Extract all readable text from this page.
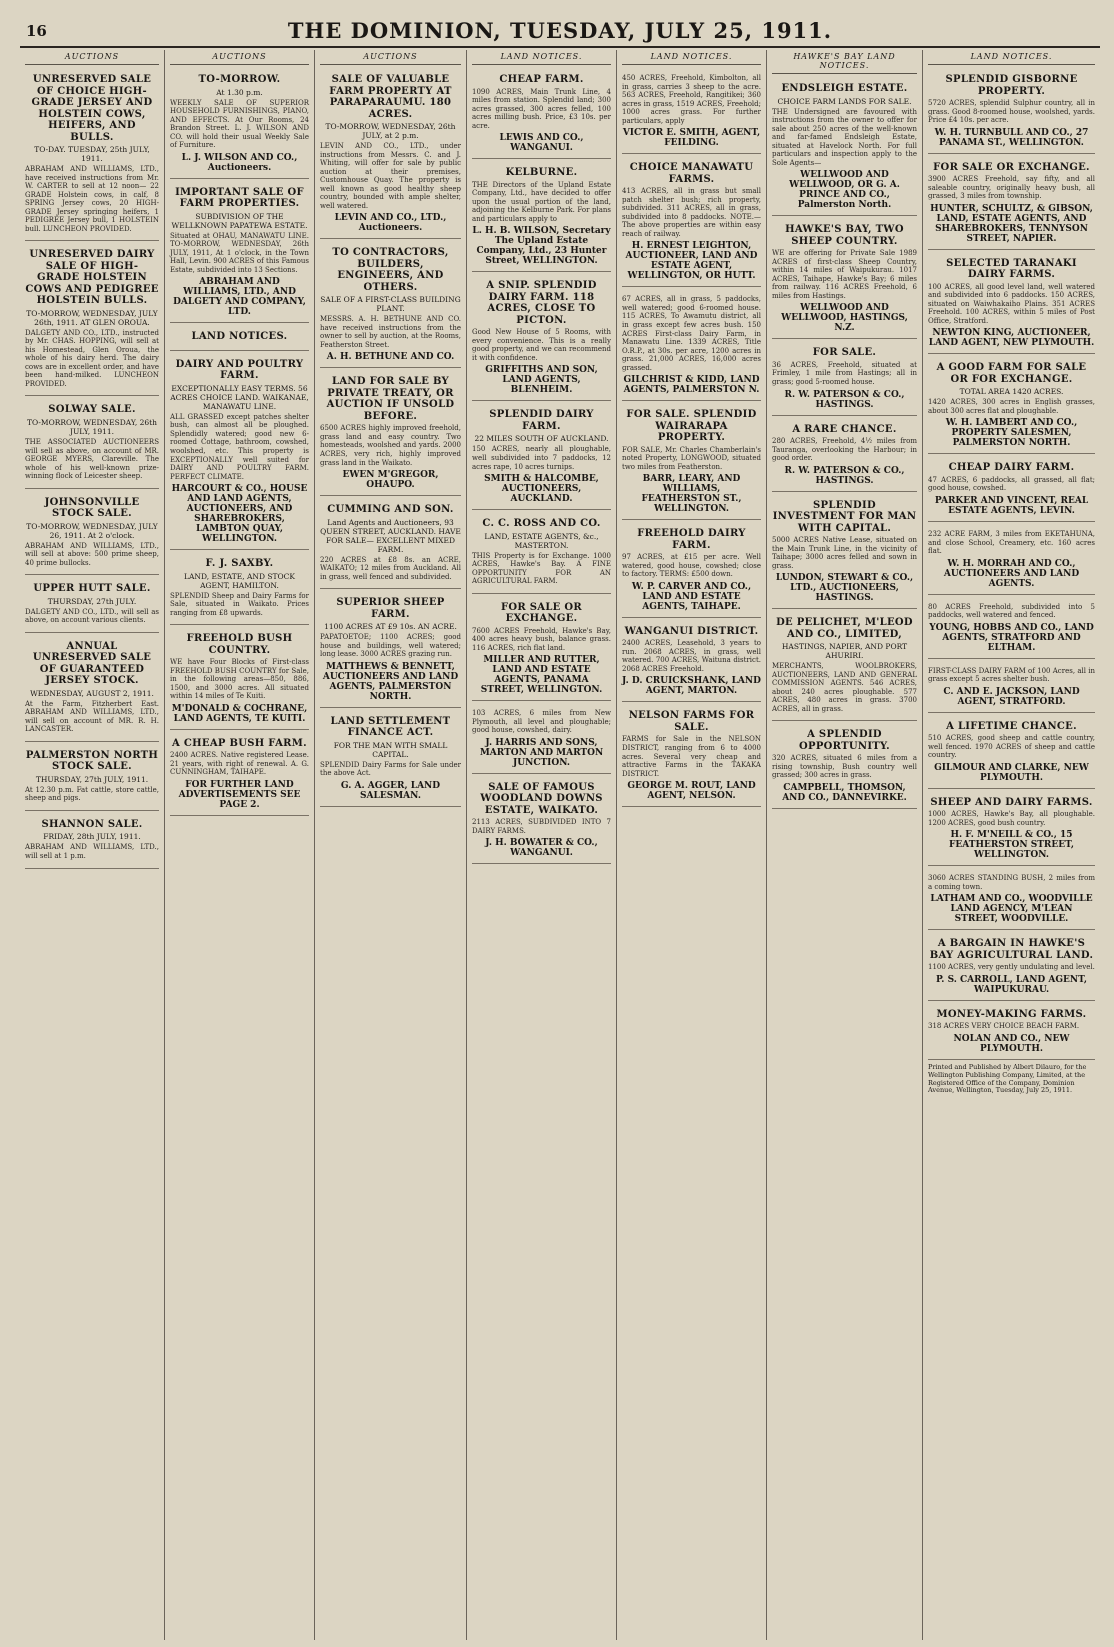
16	THE DOMINION, TUESDAY, JULY 25, 1911.
AUCTIONS
UNRESERVED SALE OF CHOICE HIGH-GRADE JERSEY AND HOLSTEIN COWS, HEIFERS, AND BULLS.
TO-DAY. TUESDAY, 25th JULY, 1911.

ABRAHAM AND WILLIAMS, LTD., have received instructions from Mr. W. CARTER to sell at 12 noon— 22 GRADE Holstein cows, in calf, 8 SPRING Jersey cows, 20 HIGH-GRADE Jersey springing heifers, 1 PEDIGREE Jersey bull, 1 HOLSTEIN bull. LUNCHEON PROVIDED.

UNRESERVED DAIRY SALE OF HIGH-GRADE HOLSTEIN COWS AND PEDIGREE HOLSTEIN BULLS.
TO-MORROW, WEDNESDAY, JULY 26th, 1911. AT GLEN OROUA.

DALGETY AND CO., LTD., instructed by Mr. CHAS. HOPPING, will sell at his Homestead, Glen Oroua, the whole of his dairy herd. The dairy cows are in excellent order, and have been hand-milked. LUNCHEON PROVIDED.

SOLWAY SALE.
TO-MORROW, WEDNESDAY, 26th JULY, 1911.

THE ASSOCIATED AUCTIONEERS will sell as above, on account of MR. GEORGE MYERS, Clareville. The whole of his well-known prize-winning flock of Leicester sheep.

JOHNSONVILLE STOCK SALE.
TO-MORROW, WEDNESDAY, JULY 26, 1911. At 2 o'clock.

ABRAHAM AND WILLIAMS, LTD., will sell at above: 500 prime sheep, 40 prime bullocks.

UPPER HUTT SALE.
THURSDAY, 27th JULY.

DALGETY AND CO., LTD., will sell as above, on account various clients.

ANNUAL UNRESERVED SALE OF GUARANTEED JERSEY STOCK.
WEDNESDAY, AUGUST 2, 1911.

At the Farm, Fitzherbert East. ABRAHAM AND WILLIAMS, LTD., will sell on account of MR. R. H. LANCASTER.

PALMERSTON NORTH STOCK SALE.
THURSDAY, 27th JULY, 1911.

At 12.30 p.m. Fat cattle, store cattle, sheep and pigs.

SHANNON SALE.
FRIDAY, 28th JULY, 1911.

ABRAHAM AND WILLIAMS, LTD., will sell at 1 p.m.

AUCTIONS
TO-MORROW.
At 1.30 p.m.

WEEKLY SALE OF SUPERIOR HOUSEHOLD FURNISHINGS, PIANO, AND EFFECTS. At Our Rooms, 24 Brandon Street. L. J. WILSON AND CO. will hold their usual Weekly Sale of Furniture.

L. J. WILSON AND CO., Auctioneers.
IMPORTANT SALE OF FARM PROPERTIES.
SUBDIVISION OF THE WELLKNOWN PAPATEWA ESTATE.

Situated at OHAU, MANAWATU LINE. TO-MORROW, WEDNESDAY, 26th JULY, 1911, At 1 o'clock, in the Town Hall, Levin. 900 ACRES of this Famous Estate, subdivided into 13 Sections.

ABRAHAM AND WILLIAMS, LTD., AND DALGETY AND COMPANY, LTD.
LAND NOTICES.
DAIRY AND POULTRY FARM.
EXCEPTIONALLY EASY TERMS. 56 ACRES CHOICE LAND. WAIKANAE, MANAWATU LINE.

ALL GRASSED except patches shelter bush, can almost all be ploughed. Splendidly watered; good new 6-roomed Cottage, bathroom, cowshed, woolshed, etc. This property is EXCEPTIONALLY well suited for DAIRY AND POULTRY FARM. PERFECT CLIMATE.

HARCOURT & CO., HOUSE AND LAND AGENTS, AUCTIONEERS, AND SHAREBROKERS, LAMBTON QUAY, WELLINGTON.
F. J. SAXBY.
LAND, ESTATE, AND STOCK AGENT, HAMILTON.

SPLENDID Sheep and Dairy Farms for Sale, situated in Waikato. Prices ranging from £8 upwards.

FREEHOLD BUSH COUNTRY.

WE have Four Blocks of First-class FREEHOLD BUSH COUNTRY for Sale, in the following areas—850, 886, 1500, and 3000 acres. All situated within 14 miles of Te Kuiti.

M'DONALD & COCHRANE, LAND AGENTS, TE KUITI.
A CHEAP BUSH FARM.

2400 ACRES. Native registered Lease. 21 years, with right of renewal. A. G. CUNNINGHAM, TAIHAPE.

FOR FURTHER LAND ADVERTISEMENTS SEE PAGE 2.
AUCTIONS
SALE OF VALUABLE FARM PROPERTY AT PARAPARAUMU. 180 ACRES.
TO-MORROW, WEDNESDAY, 26th JULY, at 2 p.m.

LEVIN AND CO., LTD., under instructions from Messrs. C. and J. Whiting, will offer for sale by public auction at their premises, Customhouse Quay. The property is well known as good healthy sheep country, bounded with ample shelter, well watered.

LEVIN AND CO., LTD., Auctioneers.
TO CONTRACTORS, BUILDERS, ENGINEERS, AND OTHERS.
SALE OF A FIRST-CLASS BUILDING PLANT.

MESSRS. A. H. BETHUNE AND CO. have received instructions from the owner to sell by auction, at the Rooms, Featherston Street.

A. H. BETHUNE AND CO.
LAND FOR SALE BY PRIVATE TREATY, OR AUCTION IF UNSOLD BEFORE.

6500 ACRES highly improved freehold, grass land and easy country. Two homesteads, woolshed and yards. 2000 ACRES, very rich, highly improved grass land in the Waikato.

EWEN M'GREGOR, OHAUPO.
CUMMING AND SON.
Land Agents and Auctioneers, 93 QUEEN STREET, AUCKLAND. HAVE FOR SALE— EXCELLENT MIXED FARM.

220 ACRES at £8 8s. an ACRE, WAIKATO; 12 miles from Auckland. All in grass, well fenced and subdivided.

SUPERIOR SHEEP FARM.
1100 ACRES AT £9 10s. AN ACRE.

PAPATOETOE; 1100 ACRES; good house and buildings, well watered; long lease. 3000 ACRES grazing run.

MATTHEWS & BENNETT, AUCTIONEERS AND LAND AGENTS, PALMERSTON NORTH.
LAND SETTLEMENT FINANCE ACT.
FOR THE MAN WITH SMALL CAPITAL.

SPLENDID Dairy Farms for Sale under the above Act.

G. A. AGGER, LAND SALESMAN.
LAND NOTICES.
CHEAP FARM.

1090 ACRES, Main Trunk Line, 4 miles from station. Splendid land; 300 acres grassed, 300 acres felled, 100 acres milling bush. Price, £3 10s. per acre.

LEWIS AND CO., WANGANUI.
KELBURNE.

THE Directors of the Upland Estate Company, Ltd., have decided to offer upon the usual portion of the land, adjoining the Kelburne Park. For plans and particulars apply to

L. H. B. WILSON, Secretary The Upland Estate Company, Ltd., 23 Hunter Street, WELLINGTON.
A SNIP. SPLENDID DAIRY FARM. 118 ACRES, CLOSE TO PICTON.

Good New House of 5 Rooms, with every convenience. This is a really good property, and we can recommend it with confidence.

GRIFFITHS AND SON, LAND AGENTS, BLENHEIM.
SPLENDID DAIRY FARM.
22 MILES SOUTH OF AUCKLAND.

150 ACRES, nearly all ploughable, well subdivided into 7 paddocks, 12 acres rape, 10 acres turnips.

SMITH & HALCOMBE, AUCTIONEERS, AUCKLAND.
C. C. ROSS AND CO.
LAND, ESTATE AGENTS, &c., MASTERTON.

THIS Property is for Exchange. 1000 ACRES, Hawke's Bay. A FINE OPPORTUNITY FOR AN AGRICULTURAL FARM.

FOR SALE OR EXCHANGE.

7600 ACRES Freehold, Hawke's Bay, 400 acres heavy bush, balance grass. 116 ACRES, rich flat land.

MILLER AND RUTTER, LAND AND ESTATE AGENTS, PANAMA STREET, WELLINGTON.

103 ACRES, 6 miles from New Plymouth, all level and ploughable; good house, cowshed, dairy.

J. HARRIS AND SONS, MARTON AND MARTON JUNCTION.
SALE OF FAMOUS WOODLAND DOWNS ESTATE, WAIKATO.

2113 ACRES, SUBDIVIDED INTO 7 DAIRY FARMS.

J. H. BOWATER & CO., WANGANUI.
LAND NOTICES.

450 ACRES, Freehold, Kimbolton, all in grass, carries 3 sheep to the acre. 563 ACRES, Freehold, Rangitikei; 360 acres in grass, 1519 ACRES, Freehold; 1000 acres grass. For further particulars, apply

VICTOR E. SMITH, AGENT, FEILDING.
CHOICE MANAWATU FARMS.

413 ACRES, all in grass but small patch shelter bush; rich property, subdivided. 311 ACRES, all in grass, subdivided into 8 paddocks. NOTE.—The above properties are within easy reach of railway.

H. ERNEST LEIGHTON, AUCTIONEER, LAND AND ESTATE AGENT, WELLINGTON, OR HUTT.

67 ACRES, all in grass, 5 paddocks, well watered; good 6-roomed house. 115 ACRES, To Awamutu district, all in grass except few acres bush. 150 ACRES First-class Dairy Farm, in Manawatu Line. 1339 ACRES, Title O.R.P., at 30s. per acre, 1200 acres in grass. 21,000 ACRES, 16,000 acres grassed.

GILCHRIST & KIDD, LAND AGENTS, PALMERSTON N.
FOR SALE. SPLENDID WAIRARAPA PROPERTY.

FOR SALE, Mr. Charles Chamberlain's noted Property, LONGWOOD, situated two miles from Featherston.

BARR, LEARY, AND WILLIAMS, FEATHERSTON ST., WELLINGTON.
FREEHOLD DAIRY FARM.

97 ACRES, at £15 per acre. Well watered, good house, cowshed; close to factory. TERMS: £500 down.

W. P. CARVER AND CO., LAND AND ESTATE AGENTS, TAIHAPE.
WANGANUI DISTRICT.

2400 ACRES, Leasehold, 3 years to run. 2068 ACRES, in grass, well watered. 700 ACRES, Waituna district. 2068 ACRES Freehold.

J. D. CRUICKSHANK, LAND AGENT, MARTON.
NELSON FARMS FOR SALE.

FARMS for Sale in the NELSON DISTRICT, ranging from 6 to 4000 acres. Several very cheap and attractive Farms in the TAKAKA DISTRICT.

GEORGE M. ROUT, LAND AGENT, NELSON.
HAWKE'S BAY LAND NOTICES.
ENDSLEIGH ESTATE.
CHOICE FARM LANDS FOR SALE.

THE Undersigned are favoured with instructions from the owner to offer for sale about 250 acres of the well-known and far-famed Endsleigh Estate, situated at Havelock North. For full particulars and inspection apply to the Sole Agents—

WELLWOOD AND WELLWOOD, OR G. A. PRINCE AND CO., Palmerston North.
HAWKE'S BAY, TWO SHEEP COUNTRY.

WE are offering for Private Sale 1989 ACRES of first-class Sheep Country, within 14 miles of Waipukurau. 1017 ACRES, Taihape, Hawke's Bay; 6 miles from railway. 116 ACRES Freehold, 6 miles from Hastings.

WELLWOOD AND WELLWOOD, HASTINGS, N.Z.
FOR SALE.

36 ACRES, Freehold, situated at Frimley, 1 mile from Hastings; all in grass; good 5-roomed house.

R. W. PATERSON & CO., HASTINGS.
A RARE CHANCE.

280 ACRES, Freehold, 4½ miles from Tauranga, overlooking the Harbour; in good order.

R. W. PATERSON & CO., HASTINGS.
SPLENDID INVESTMENT FOR MAN WITH CAPITAL.

5000 ACRES Native Lease, situated on the Main Trunk Line, in the vicinity of Taihape; 3000 acres felled and sown in grass.

LUNDON, STEWART & CO., LTD., AUCTIONEERS, HASTINGS.
DE PELICHET, M'LEOD AND CO., LIMITED,
HASTINGS, NAPIER, AND PORT AHURIRI.

MERCHANTS, WOOLBROKERS, AUCTIONEERS, LAND AND GENERAL COMMISSION AGENTS. 546 ACRES, about 240 acres ploughable. 577 ACRES, 480 acres in grass. 3700 ACRES, all in grass.

A SPLENDID OPPORTUNITY.

320 ACRES, situated 6 miles from a rising township, Bush country well grassed; 300 acres in grass.

CAMPBELL, THOMSON, AND CO., DANNEVIRKE.
LAND NOTICES.
SPLENDID GISBORNE PROPERTY.

5720 ACRES, splendid Sulphur country, all in grass. Good 8-roomed house, woolshed, yards. Price £4 10s. per acre.

W. H. TURNBULL AND CO., 27 PANAMA ST., WELLINGTON.
FOR SALE OR EXCHANGE.

3900 ACRES Freehold, say fifty, and all saleable country, originally heavy bush, all grassed, 3 miles from township.

HUNTER, SCHULTZ, & GIBSON, LAND, ESTATE AGENTS, AND SHAREBROKERS, TENNYSON STREET, NAPIER.
SELECTED TARANAKI DAIRY FARMS.

100 ACRES, all good level land, well watered and subdivided into 6 paddocks. 150 ACRES, situated on Waiwhakaiho Plains. 351 ACRES Freehold. 100 ACRES, within 5 miles of Post Office, Stratford.

NEWTON KING, AUCTIONEER, LAND AGENT, NEW PLYMOUTH.
A GOOD FARM FOR SALE OR FOR EXCHANGE.
TOTAL AREA 1420 ACRES.

1420 ACRES, 300 acres in English grasses, about 300 acres flat and ploughable.

W. H. LAMBERT AND CO., PROPERTY SALESMEN, PALMERSTON NORTH.
CHEAP DAIRY FARM.

47 ACRES, 6 paddocks, all grassed, all flat; good house, cowshed.

PARKER AND VINCENT, REAL ESTATE AGENTS, LEVIN.

232 ACRE FARM, 3 miles from EKETAHUNA, and close School, Creamery, etc. 160 acres flat.

W. H. MORRAH AND CO., AUCTIONEERS AND LAND AGENTS.

80 ACRES Freehold, subdivided into 5 paddocks, well watered and fenced.

YOUNG, HOBBS AND CO., LAND AGENTS, STRATFORD AND ELTHAM.

FIRST-CLASS DAIRY FARM of 100 Acres, all in grass except 5 acres shelter bush.

C. AND E. JACKSON, LAND AGENT, STRATFORD.
A LIFETIME CHANCE.

510 ACRES, good sheep and cattle country, well fenced. 1970 ACRES of sheep and cattle country.

GILMOUR AND CLARKE, NEW PLYMOUTH.
SHEEP AND DAIRY FARMS.

1000 ACRES, Hawke's Bay, all ploughable. 1200 ACRES, good bush country.

H. F. M'NEILL & CO., 15 FEATHERSTON STREET, WELLINGTON.

3060 ACRES STANDING BUSH, 2 miles from a coming town.

LATHAM AND CO., WOODVILLE LAND AGENCY, M'LEAN STREET, WOODVILLE.
A BARGAIN IN HAWKE'S BAY AGRICULTURAL LAND.

1100 ACRES, very gently undulating and level.

P. S. CARROLL, LAND AGENT, WAIPUKURAU.
MONEY-MAKING FARMS.

318 ACRES VERY CHOICE BEACH FARM.

NOLAN AND CO., NEW PLYMOUTH.

Printed and Published by Albert Dilauro, for the Wellington Publishing Company, Limited, at the Registered Office of the Company, Dominion Avenue, Wellington, Tuesday, July 25, 1911.
